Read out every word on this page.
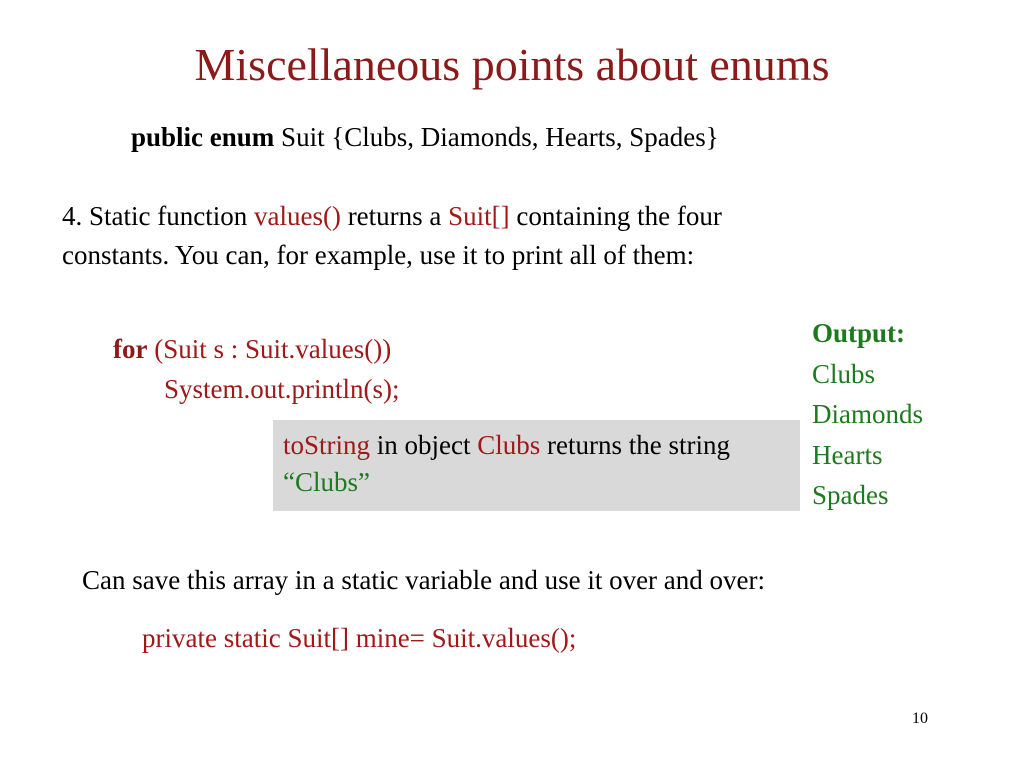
Miscellaneous points about enums
public enum Suit {Clubs, Diamonds, Hearts, Spades}
4. Static function values() returns a Suit[] containing the four constants. You can, for example, use it to print all of them:
for (Suit s : Suit.values())
System.out.println(s);
toString in object Clubs returns the string “Clubs”
Output:
Clubs
Diamonds
Hearts
Spades
Can save this array in a static variable and use it over and over:
private static Suit[] mine= Suit.values();
10
